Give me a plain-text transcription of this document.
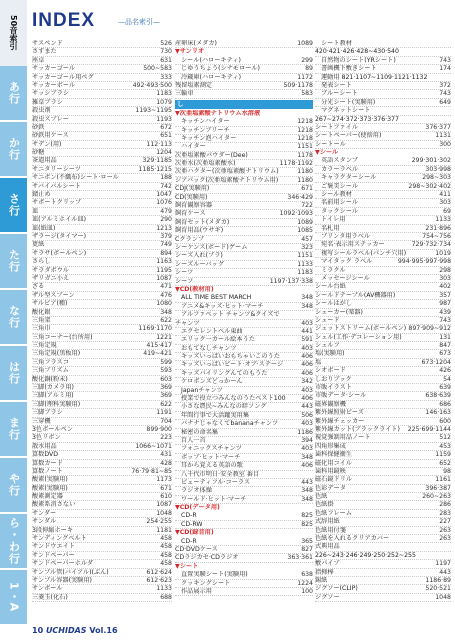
50音索引
あ行
か行
さ行
た行
な行
は行
ま行
や行
ら・わ行
1・A
INDEX	—品名索引—
サスペンド	526
さすまた	730
座卓	631
サッカーゴール	500~583
サッカーゴール用ペグ	333
サッカーボール	492·493·500
サッシブラシ	1183
雑草ブラシ	1079
殺虫剤	1193~1195
殺虫スプレー	1193
砂鉄	672
砂鉄用ケース	651
サデン(用)	112·113
砂糖	1204
茶道用品	329·1185
サニタリーシーツ	1185·1215
サニボン(不織布)シート·ロール	188
サバイバルシート	742
錆止め	1047
サポートクリップ	1076
皿	479
皿(アルミホイル皿)	290
皿(紙皿)	1213
ザラージ(タイマー)	379
更紙	749
サラサ(ボールペン)	894
さらし	1163
サラダボウル	1195
ザリガニ小え	1087
ざる	471
ザル型スプーン	476
サルビア(種)	1080
酸化銀	348
三角架	622
三角巾	1169·1170
三角コーナー(台所用)	1221
三角定規	415·417
三角定規(黒板用)	419~421
三角フラスコ	599
三角プリズム	593
酸化銅(粉末)	603
三脚(カメラ用)	369
三脚(アルミ用)	369
三脚(理科実験用)	622
三脚ブラシ	1191
三穿機	704
3色ボールペン	899·900
3色リボン	223
散水用品	1066~1071
算数DVD	431
算数カード	428
算数ノート	76·79·81~85
酸素(実験用)	1173
酸素(実験用)	671
酸素測定器	610
酸素系消さない	1087
サンダー	1048
サンダル	254·255
3段伸縮ホーキ	1181
サンディングベルト	458
サンドウエイト	458
サンドペーパー	458
サンドペーパーホルダ	458
サンプル管(バイアル)(ぶん)	612·624
サンプル容器(実験用)	612·623
サンボール	1133
三菱玉(化石)	688
産卵床(メダカ)	1089
▼サンリオ
シール(ハローキティ)	299
じゆうちょう(シナモロール)	89
冷蔵庫(ハローキティ)	1172
残留塩素測定	509·1178
三輪車	583
し
▼次亜塩素酸ナトリウム水溶液
キッチンハイター	1218
キッチンブリーチ	1218
キッチン泡ハイター	1218
ハイター	1151
次亜塩素酸パウダー(Dee)	1178
次亜水(次亜塩素酸水)	1178·1192
次亜ハクター(次亜塩素酸ナトリウム)	1180
ジアパック(次亜塩素酸ナトリウム用)	1180
CDJ(実験用)	671
CD(実験用)	346·429
飼育観察容器	722
飼育ケース	1092·1093
飼育セット(メダカ)	1089
飼育用品(ウサギ)	1085
Cクランプ	457
シーケンス(ボード)ゲーム	323
シーズ入れ(プラ)	1151
シーズルーバッグ	1133
シーツ	1183
シーソ	1197·137·338
▼CD(教材用)
ALL TIME BEST MARCH	348
アニメ&キッズ·ヒット·マーチ	348
アルファベット チャンツ&クイズで
チャンツ	403
エクセレントベル東曲	441
エリック一カール絵本うた	591
おもてなしチャンツ	403
キッズいっぱいおもちゃいこのうた	406
キッズいっぱいビート·オブ·ステージ	406
キッズパイリングんてのもうた	406
ケロポンズどっかーん	342
Japanチャンツ	403
授業で役立つみんなのうたベスト100	406
小さな農民~みんなの絆ソング	443
年間行事で大活躍実用集	506
バナナじゃなくてbananaチャンツ	403
秘密の命名集	1186
百人一首	394
フォニックスチャンツ	403
ボップ·ヒット·マーチ	348
耳から覚える英語の歌	406
八千代市明日·安全教室 番目
ビューティフル·コーラス	443
ラジオ体操	348
ワールド·ヒット·マーチ	348
▼CD(データ用)
CD-R	825
CD-RW	825
▼CD(録音用)
CD-R	365
CD·DVDケース	827
CDラジカセ·CDラジオ	363·361
▼シート
直置実験シート(実験用)	638
クッキングシート	1224
作品展示用	100
シート教材
420·421·426·428~430·540
自然物のシート(YRシート)	743
書画機下敷きシート	174
運動用 821·1107~1109·1121·1132
発表シート	372
ブルーシート	743
分光シート(実験用)	649
マグネットシート
267~274·372·373·376·377
シートファイル	376·377
シートペーパー(使捨用)	1131
シートール	300
▼シール
英語スタンプ	299·301·302
カラーラベル	303·998
キャラクターシール	298~303
ご褒美シール	298~302·402
シール教材	411
名前用シール	303
タックシール	69
トイレ用	1133
名札用	231·896
プリンタ用ラベル	754~756
宛名·表示用ステッカー	729·732·734
複写シールラベル(パンチ穴用)	1019
マイタック ラベル	994·995·997·998
ミラクル	298
メッセージシール	303
シール台紙	402
シールドテープル(AV機器用)	357
シールはがし	987
シェーカー(楽器)	439
シェード	743
ジェットストリーム(ボールペン) 897·909~912
シェル(工作·デコレーション用)	131
シェルフ	847
塩(実験用)	673
塩	673·1204
シオボード	426
しおりブック	54
市販イラスト	639
市販データ·シール	638·639
磁界観察機	686
紫外線照射ビーズ	146·163
紫外線チェッカー	600
紫外線カット(ブラックライト)	225·699·1144
視覚強制用品ノート	512
四角形集成	453
歯科保健衛生	1159
磁化用コイル	652
歯科用鏡映	98
磁石鏡ドリル	1161
色彩データ	396·387
色紙	260~263
色紙掛	286
色紙フレーム	283
式辞用紙	227
色紙用付箋	263
色紙を入れるクリアカバー	263
式典用品
226~243·246·249·250·252~255
敷パイプ	1197
指揮棒	443
錫紙	1186·89
ジグソー(CLIP)	520·521
ジグソー	1048
10 UCHIDAS Vol.16
